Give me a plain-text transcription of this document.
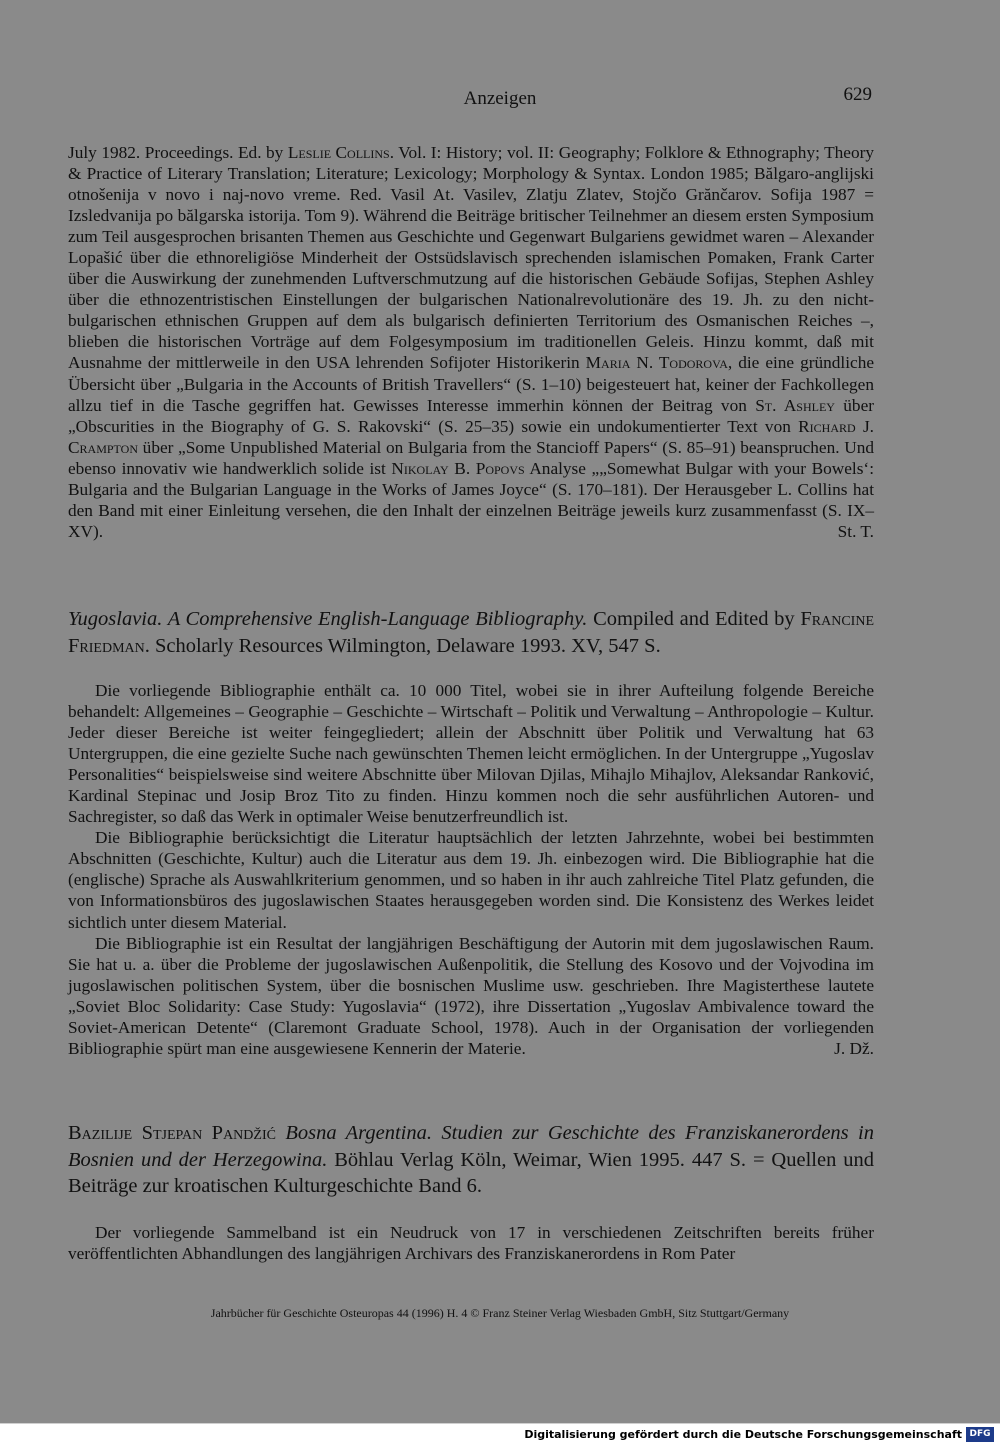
Anzeigen	629

July 1982. Proceedings. Ed. by Leslie Collins. Vol. I: History; vol. II: Geography; Folklore & Ethnography; Theory & Practice of Literary Translation; Literature; Lexicology; Morphology & Syntax. London 1985; Bălgaro-anglijski otnošenija v novo i naj-novo vreme. Red. Vasil At. Vasilev, Zlatju Zlatev, Stojčo Grănčarov. Sofija 1987 = Izsledvanija po bălgarska istorija. Tom 9). Während die Beiträge britischer Teilnehmer an diesem ersten Symposium zum Teil ausgesprochen brisanten Themen aus Geschichte und Gegenwart Bulgariens gewidmet waren – Alexander Lopašić über die ethnoreligiöse Minderheit der Ostsüdslavisch sprechenden islamischen Pomaken, Frank Carter über die Auswirkung der zunehmenden Luftverschmutzung auf die historischen Gebäude Sofijas, Stephen Ashley über die ethnozentristischen Einstellungen der bulgarischen Nationalrevolutionäre des 19. Jh. zu den nicht-bulgarischen ethnischen Gruppen auf dem als bulgarisch definierten Territorium des Osmanischen Reiches –, blieben die historischen Vorträge auf dem Folgesymposium im traditionellen Geleis. Hinzu kommt, daß mit Ausnahme der mittlerweile in den USA lehrenden Sofijoter Historikerin Maria N. Todorova, die eine gründliche Übersicht über „Bulgaria in the Accounts of British Travellers“ (S. 1–10) beigesteuert hat, keiner der Fachkollegen allzu tief in die Tasche gegriffen hat. Gewisses Interesse immerhin können der Beitrag von St. Ashley über „Obscurities in the Biography of G. S. Rakovski“ (S. 25–35) sowie ein undokumentierter Text von Richard J. Crampton über „Some Unpublished Material on Bulgaria from the Stancioff Papers“ (S. 85–91) beanspruchen. Und ebenso innovativ wie handwerklich solide ist Nikolay B. Popovs Analyse „„Somewhat Bulgar with your Bowels‘: Bulgaria and the Bulgarian Language in the Works of James Joyce“ (S. 170–181). Der Herausgeber L. Collins hat den Band mit einer Einleitung versehen, die den Inhalt der einzelnen Beiträge jeweils kurz zusammenfasst (S. IX–XV).	St. T.

Yugoslavia. A Comprehensive English-Language Bibliography. Compiled and Edited by Francine Friedman. Scholarly Resources Wilmington, Delaware 1993. XV, 547 S.

Die vorliegende Bibliographie enthält ca. 10 000 Titel, wobei sie in ihrer Aufteilung folgende Bereiche behandelt: Allgemeines – Geographie – Geschichte – Wirtschaft – Politik und Verwaltung – Anthropologie – Kultur. Jeder dieser Bereiche ist weiter feingegliedert; allein der Abschnitt über Politik und Verwaltung hat 63 Untergruppen, die eine gezielte Suche nach gewünschten Themen leicht ermöglichen. In der Untergruppe „Yugoslav Personalities“ beispielsweise sind weitere Abschnitte über Milovan Djilas, Mihajlo Mihajlov, Aleksandar Ranković, Kardinal Stepinac und Josip Broz Tito zu finden. Hinzu kommen noch die sehr ausführlichen Autoren- und Sachregister, so daß das Werk in optimaler Weise benutzerfreundlich ist.

Die Bibliographie berücksichtigt die Literatur hauptsächlich der letzten Jahrzehnte, wobei bei bestimmten Abschnitten (Geschichte, Kultur) auch die Literatur aus dem 19. Jh. einbezogen wird. Die Bibliographie hat die (englische) Sprache als Auswahlkriterium genommen, und so haben in ihr auch zahlreiche Titel Platz gefunden, die von Informationsbüros des jugoslawischen Staates herausgegeben worden sind. Die Konsistenz des Werkes leidet sichtlich unter diesem Material.

Die Bibliographie ist ein Resultat der langjährigen Beschäftigung der Autorin mit dem jugoslawischen Raum. Sie hat u. a. über die Probleme der jugoslawischen Außenpolitik, die Stellung des Kosovo und der Vojvodina im jugoslawischen politischen System, über die bosnischen Muslime usw. geschrieben. Ihre Magisterthese lautete „Soviet Bloc Solidarity: Case Study: Yugoslavia“ (1972), ihre Dissertation „Yugoslav Ambivalence toward the Soviet-American Detente“ (Claremont Graduate School, 1978). Auch in der Organisation der vorliegenden Bibliographie spürt man eine ausgewiesene Kennerin der Materie.	J. Dž.
Bazilije Stjepan Pandžić Bosna Argentina. Studien zur Geschichte des Franziskanerordens in Bosnien und der Herzegowina. Böhlau Verlag Köln, Weimar, Wien 1995. 447 S. = Quellen und Beiträge zur kroatischen Kulturgeschichte Band 6.

Der vorliegende Sammelband ist ein Neudruck von 17 in verschiedenen Zeitschriften bereits früher veröffentlichten Abhandlungen des langjährigen Archivars des Franziskanerordens in Rom Pater

Jahrbücher für Geschichte Osteuropas 44 (1996) H. 4 © Franz Steiner Verlag Wiesbaden GmbH, Sitz Stuttgart/Germany
Digitalisierung gefördert durch die Deutsche Forschungsgemeinschaft DFG
